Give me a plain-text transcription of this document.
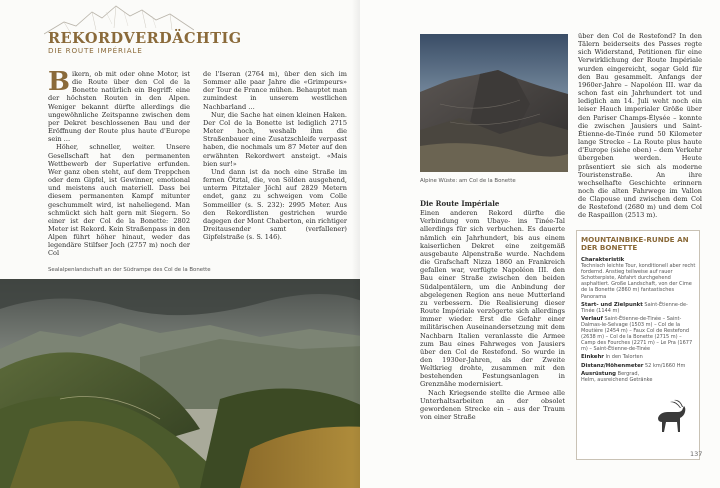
REKORDVERDÄCHTIG
DIE ROUTE IMPÉRIALE

Bikern, ob mit oder ohne Motor, ist die Route über den Col de la Bonette natürlich ein Begriff: eine der höchsten Routen in den Alpen. Weniger bekannt dürfte allerdings die ungewöhnliche Zeitspanne zwischen dem per Dekret beschlossenen Bau und der Eröffnung der Route plus haute d'Europe sein …

Höher, schneller, weiter. Unsere Gesellschaft hat den permanenten Wettbewerb der Superlative erfunden. Wer ganz oben steht, auf dem Treppchen oder dem Gipfel, ist Gewinner, emotional und meistens auch materiell. Dass bei diesem permanenten Kampf mitunter geschummelt wird, ist naheliegend. Man schmückt sich halt gern mit Siegern. So einer ist der Col de la Bonette: 2802 Meter ist Rekord. Kein Straßenpass in den Alpen führt höher hinaut, weder das legendäre Stilfser Joch (2757 m) noch der Col

de l'Iseran (2764 m), über den sich im Sommer alle paar Jahre die «Grimpeurs» der Tour de France mühen. Behauptet man zumindest in unserem westlichen Nachbarland …

Nur, die Sache hat einen kleinen Haken. Der Col de la Bonette ist lediglich 2715 Meter hoch, weshalb ihm die Straßenbauer eine Zusatzschleife verpasst haben, die nochmals um 87 Meter auf den erwähnten Rekordwert ansteigt. «Mais bien sur!»

Und dann ist da noch eine Straße im fernen Ötztal, die, von Sölden ausgehend, unterm Pitztaler Jöchl auf 2829 Metern endet, ganz zu schweigen vom Colle Sommeiller (s. S. 232): 2995 Meter. Aus den Rekordlisten gestrichen wurde dagegen der Mont Chaberton, ein richtiger Dreitausender samt (verfallener) Gipfelstraße (s. S. 146).

Sealalpenlandschaft an der Südrampe des Col de la Bonette
Alpine Wüste: am Col de la Bonette
Die Route Impériale

Einen anderen Rekord dürfte die Verbindung vom Ubaye- ins Tinée-Tal allerdings für sich verbuchen. Es dauerte nämlich ein Jahrhundert, bis aus einem kaiserlichen Dekret eine zeitgemäß ausgebaute Alpenstraße wurde. Nachdem die Grafschaft Nizza 1860 an Frankreich gefallen war, verfügte Napoléon III. den Bau einer Straße zwischen den beiden Südalpentälern, um die Anbindung der abgelegenen Region ans neue Mutterland zu verbessern. Die Realisierung dieser Route Impériale verzögerte sich allerdings immer wieder. Erst die Gefahr einer militärischen Auseinandersetzung mit dem Nachbarn Italien veranlasste die Armee zum Bau eines Fahrweges von Jausiers über den Col de Restefond. So wurde in den 1930er-Jahren, als der Zweite Weltkrieg drohte, zusammen mit den bestehenden Festungsanlagen in Grenznähe modernisiert.

Nach Kriegsende stellte die Armee alle Unterhaltsarbeiten an der obsolet gewordenen Strecke ein – aus der Traum von einer Straße

über den Col de Restefond? In den Tälern beiderseits des Passes regte sich Widerstand, Petitionen für eine Verwirklichung der Route Impériale wurden eingereicht, sogar Geld für den Bau gesammelt. Anfangs der 1960er-Jahre – Napoléon III. war da schon fast ein Jahrhundert tot und lediglich am 14. Juli weht noch ein leiser Hauch imperialer Größe über den Pariser Champs-Élysée – konnte die zwischen Jausiers und Saint-Étienne-de-Tinée rund 50 Kilometer lange Strecke – La Route plus haute d'Europe (siehe oben) – dem Verkehr übergeben werden. Heute präsentiert sie sich als moderne Touristenstraße. An ihre wechselhafte Geschichte erinnern noch die alten Fahrwege im Vallon de Clapouse und zwischen dem Col de Restefond (2680 m) und dem Col de Raspaillon (2513 m).

MOUNTAINBIKE-RUNDE AN DER BONETTE
Charakteristik
Technisch leichte Tour, konditionell aber recht fordernd. Anstieg teilweise auf rauer Schotterpiste, Abfahrt durchgehend asphaltiert. Große Landschaft, von der Cime de la Bonette (2860 m) fantastisches Panorama
Start- und Zielpunkt Saint-Étienne-de-Tinée (1144 m)
Verlauf Saint-Étienne-de-Tinée – Saint-Dalmas-le-Selvage (1503 m) – Col de la Moutière (2454 m) – Faux Col de Restefond (2638 m) – Col de la Bonette (2715 m) – Camp des Fourches (2271 m) – Le Pra (1677 m) – Saint-Étienne-de-Tinée
Einkehr In den Talorten
Distanz/Höhenmeter 52 km/1660 Hm
Ausrüstung Bergrad, Helm, ausreichend Getränke
137
